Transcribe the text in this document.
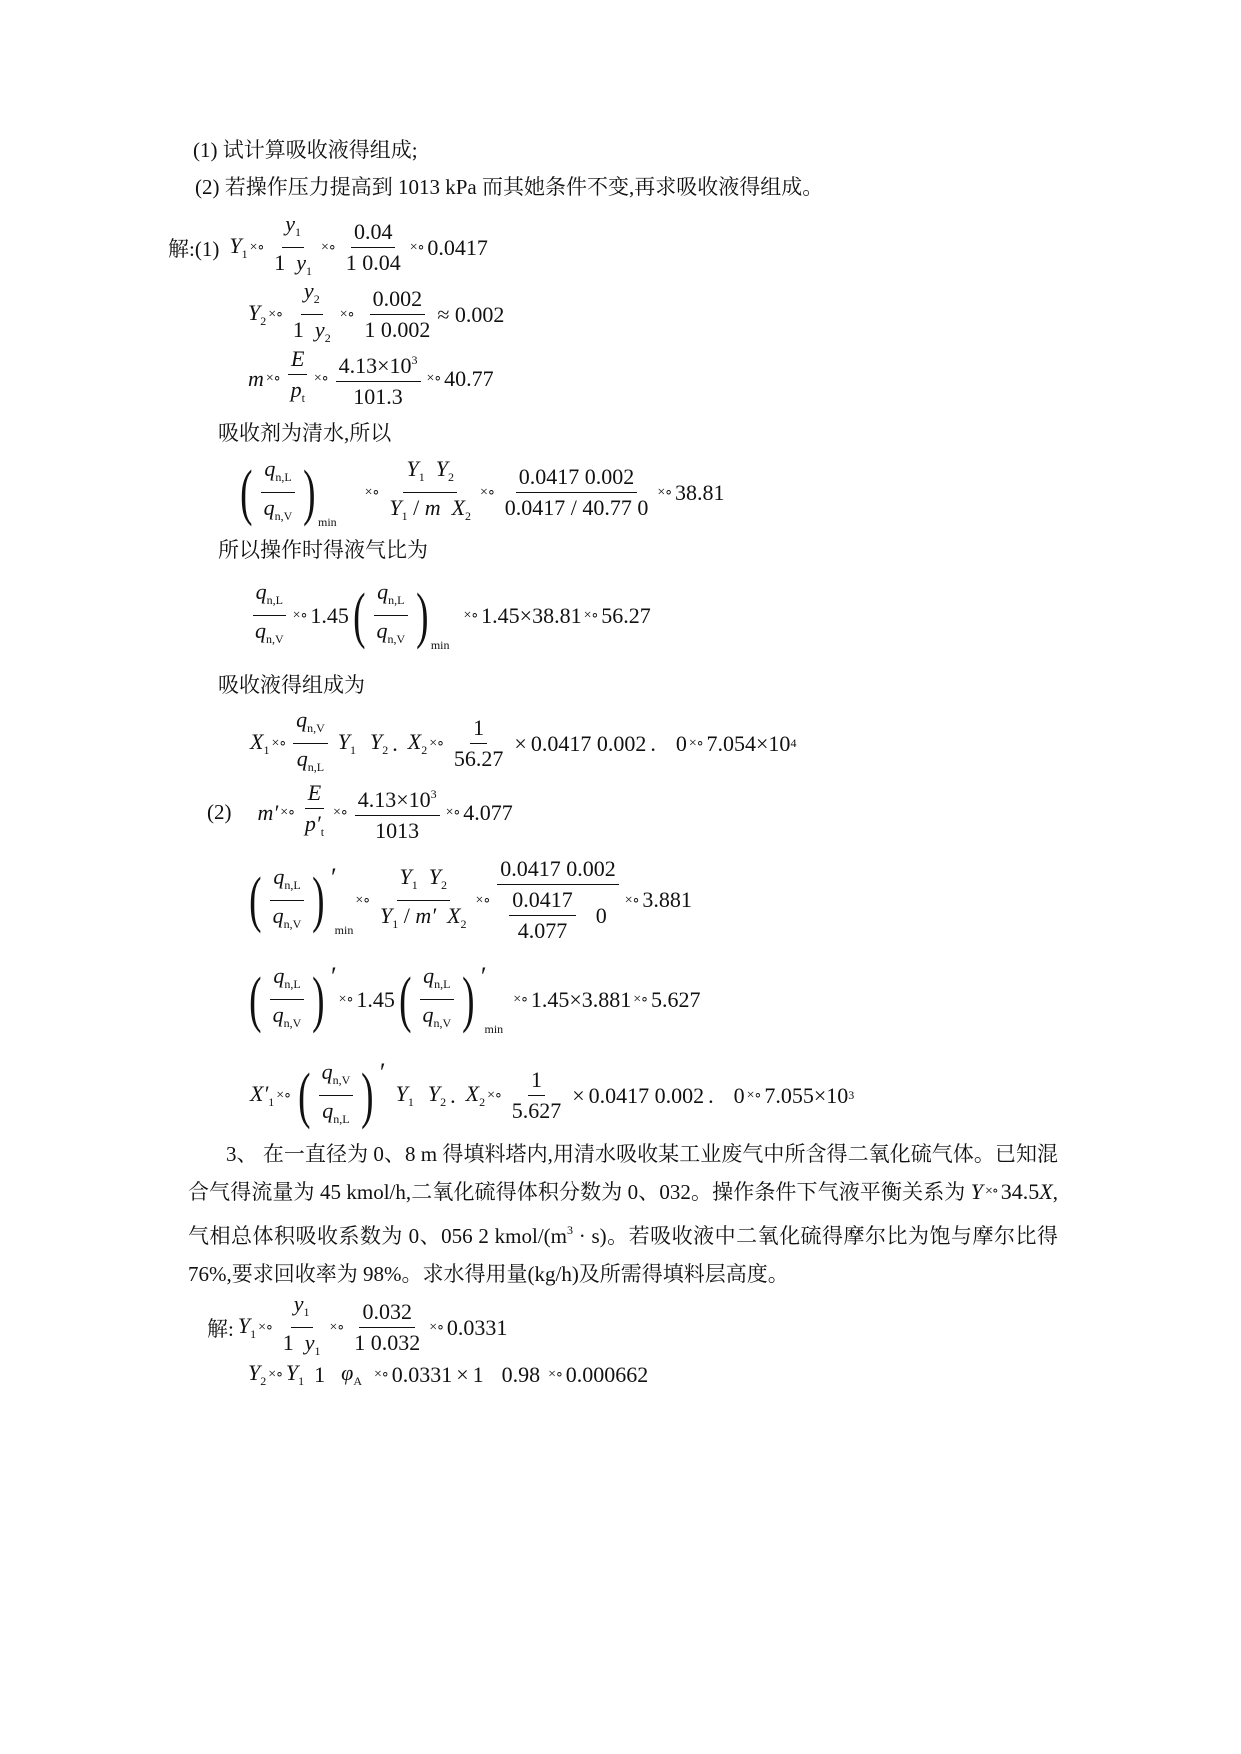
(1) 试计算吸收液得组成;
(2) 若操作压力提高到 1013 kPa 而其她条件不变,再求吸收液得组成。
解:(1) $Y_1$ ×∘ $\frac{y_1}{1 y_1}$ ×∘ $\frac{0.04}{1 0.04}$ ×∘ 0.0417
$Y_2$ ×∘ $\frac{y_2}{1 y_2}$ ×∘ $\frac{0.002}{1 0.002} \approx 0.002$
m ×∘ $\frac{E}{p_t}$ ×∘ $\frac{4.13\times 10^3}{101.3}$ ×∘ 40.77
吸收剂为清水,所以
( $\frac{q_{n,L}}{q_{n,V}}$ ) min
×∘ $\frac{Y_1 Y_2}{Y_1 / m X_2}$ ×∘ $\frac{0.0417 0.002}{0.0417 / 40.77 0}$ ×∘ 38.81
所以操作时得液气比为
$\frac{q_{n,L}}{q_{n,V}}$ ×∘ 1.45 ( $\frac{q_{n,L}}{q_{n,V}}$ ) min
×∘ 1.45×38.81 ×∘ 56.27
吸收液得组成为
$X_1$ ×∘ $\frac{q_{n,V}}{q_{n,L}} Y_1$ $Y_2$ . $X_2$ ×∘ $\frac{1}{56.27} \times 0.0417$ 0.002 . 0 ×∘ 7.054×10 4
(2) m′ ×∘ $\frac{E}{p'_t}$ ×∘ $\frac{4.13\times 10^3}{1013}$ ×∘ 4.077
( $\frac{q_{n,L}}{q_{n,V}}$ ) ′
min
×∘ $\frac{Y_1 Y_2}{Y_1 / m' X_2}$ ×∘ $\frac{0.0417 0.002}{\frac{0.0417}{4.077} 0}$ ×∘ 3.881
( $\frac{q_{n,L}}{q_{n,V}}$ ) ′
×∘ 1.45 ( $\frac{q_{n,L}}{q_{n,V}}$ ) ′
min
×∘ 1.45×3.881 ×∘ 5.627
$X'_1$ ×∘ ( $\frac{q_{n,V}}{q_{n,L}}$ ) ′
$Y_1$ $Y_2$ . $X_2$ ×∘ $\frac{1}{5.627} \times 0.0417$ 0.002 . 0 ×∘ 7.055×10 3
3、 在一直径为 0、8 m 得填料塔内,用清水吸收某工业废气中所含得二氧化硫气体。已知混合气得流量为 45 kmol/h,二氧化硫得体积分数为 0、032。操作条件下气液平衡关系为 Y ×∘ 34.5X,气相总体积吸收系数为 0、056 2 kmol/$(m^3 \cdot s)$。若吸收液中二氧化硫得摩尔比为饱与摩尔比得 76%,要求回收率为 98%。求水得用量(kg/h)及所需得填料层高度。
解: $Y_1$ ×∘ $\frac{y_1}{1 y_1}$ ×∘ $\frac{0.032}{1 0.032}$ ×∘ 0.0331
$Y_2$ ×∘ $Y_1$ 1 $\varphi_A$ ×∘ 0.0331 × 1 0.98 ×∘ 0.000662
